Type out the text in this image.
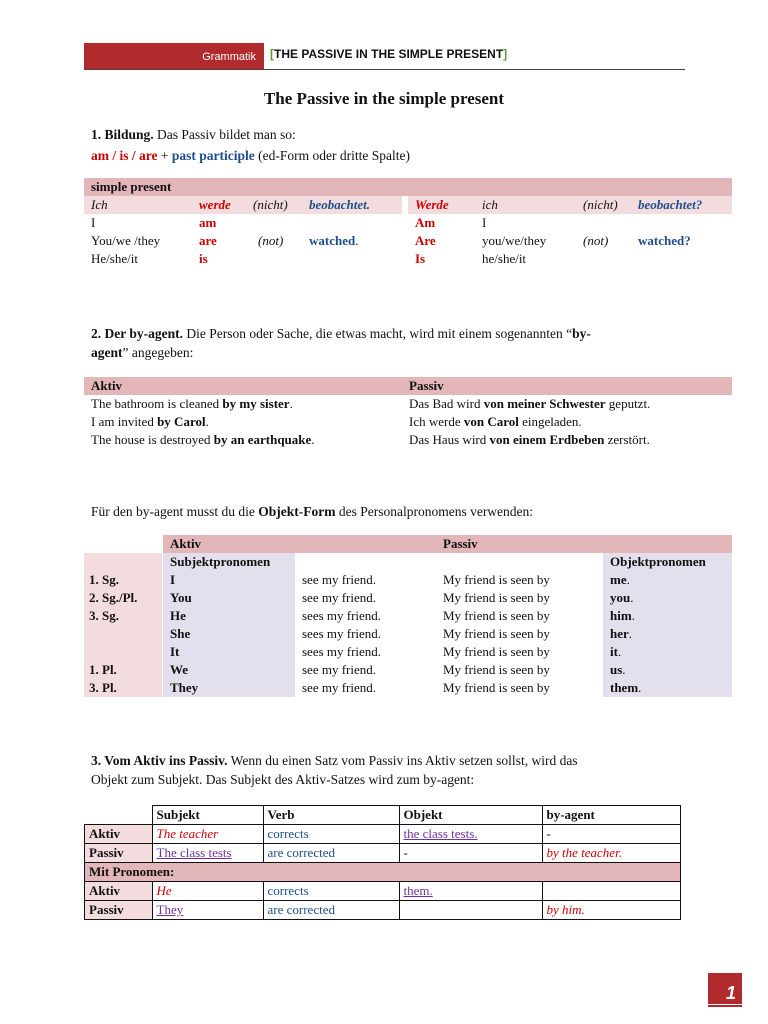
Grammatik	[THE PASSIVE IN THE SIMPLE PRESENT]
The Passive in the simple present
1. Bildung. Das Passiv bildet man so:
am / is / are + past participle (ed-Form oder dritte Spalte)
simple present
Ich	werde (nicht) beobachtet.	Werde	ich	(nicht) beobachtet?
I	am	Am	I
You/we /they	are	(not) watched.	Are	you/we/they	(not) watched?
He/she/it	is	Is	he/she/it
2. Der by-agent. Die Person oder Sache, die etwas macht, wird mit einem sogenannten “by-
agent” angegeben:
Aktiv	Passiv
The bathroom is cleaned by my sister.	Das Bad wird von meiner Schwester geputzt.
I am invited by Carol.	Ich werde von Carol eingeladen.
The house is destroyed by an earthquake.	Das Haus wird von einem Erdbeben zerstört.
Für den by-agent musst du die Objekt-Form des Personalpronomens verwenden:
Aktiv	Passiv
Subjektpronomen	Objektpronomen
1. Sg.	I	see my friend.	My friend is seen by	me.
2. Sg./Pl.	You	see my friend.	My friend is seen by	you.
3. Sg.	He	sees my friend.	My friend is seen by	him.
She	sees my friend.	My friend is seen by	her.
It	sees my friend.	My friend is seen by	it.
1. Pl.	We	see my friend.	My friend is seen by	us.
3. Pl.	They	see my friend.	My friend is seen by	them.
3. Vom Aktiv ins Passiv. Wenn du einen Satz vom Passiv ins Aktiv setzen sollst, wird das
Objekt zum Subjekt. Das Subjekt des Aktiv-Satzes wird zum by-agent:
	Subjekt	Verb	Objekt	by-agent
Aktiv	The teacher	corrects	the class tests.	-
Passiv	The class tests	are corrected	-	by the teacher.
Mit Pronomen:				
Aktiv	He	corrects	them.	
Passiv	They	are corrected		by him.
1
